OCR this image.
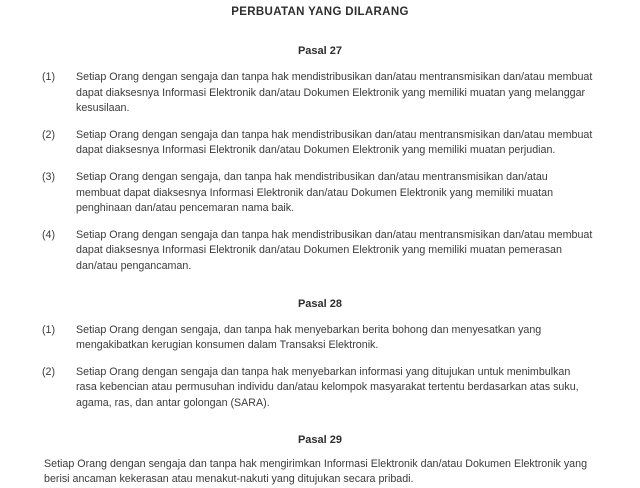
PERBUATAN YANG DILARANG
Pasal 27
(1) Setiap Orang dengan sengaja dan tanpa hak mendistribusikan dan/atau mentransmisikan dan/atau membuat dapat diaksesnya Informasi Elektronik dan/atau Dokumen Elektronik yang memiliki muatan yang melanggar kesusilaan.
(2) Setiap Orang dengan sengaja dan tanpa hak mendistribusikan dan/atau mentransmisikan dan/atau membuat dapat diaksesnya Informasi Elektronik dan/atau Dokumen Elektronik yang memiliki muatan perjudian.
(3) Setiap Orang dengan sengaja, dan tanpa hak mendistribusikan dan/atau mentransmisikan dan/atau membuat dapat diaksesnya Informasi Elektronik dan/atau Dokumen Elektronik yang memiliki muatan penghinaan dan/atau pencemaran nama baik.
(4) Setiap Orang dengan sengaja dan tanpa hak mendistribusikan dan/atau mentransmisikan dan/atau membuat dapat diaksesnya Informasi Elektronik dan/atau Dokumen Elektronik yang memiliki muatan pemerasan dan/atau pengancaman.
Pasal 28
(1) Setiap Orang dengan sengaja, dan tanpa hak menyebarkan berita bohong dan menyesatkan yang mengakibatkan kerugian konsumen dalam Transaksi Elektronik.
(2) Setiap Orang dengan sengaja dan tanpa hak menyebarkan informasi yang ditujukan untuk menimbulkan rasa kebencian atau permusuhan individu dan/atau kelompok masyarakat tertentu berdasarkan atas suku, agama, ras, dan antar golongan (SARA).
Pasal 29

Setiap Orang dengan sengaja dan tanpa hak mengirimkan Informasi Elektronik dan/atau Dokumen Elektronik yang berisi ancaman kekerasan atau menakut-nakuti yang ditujukan secara pribadi.
